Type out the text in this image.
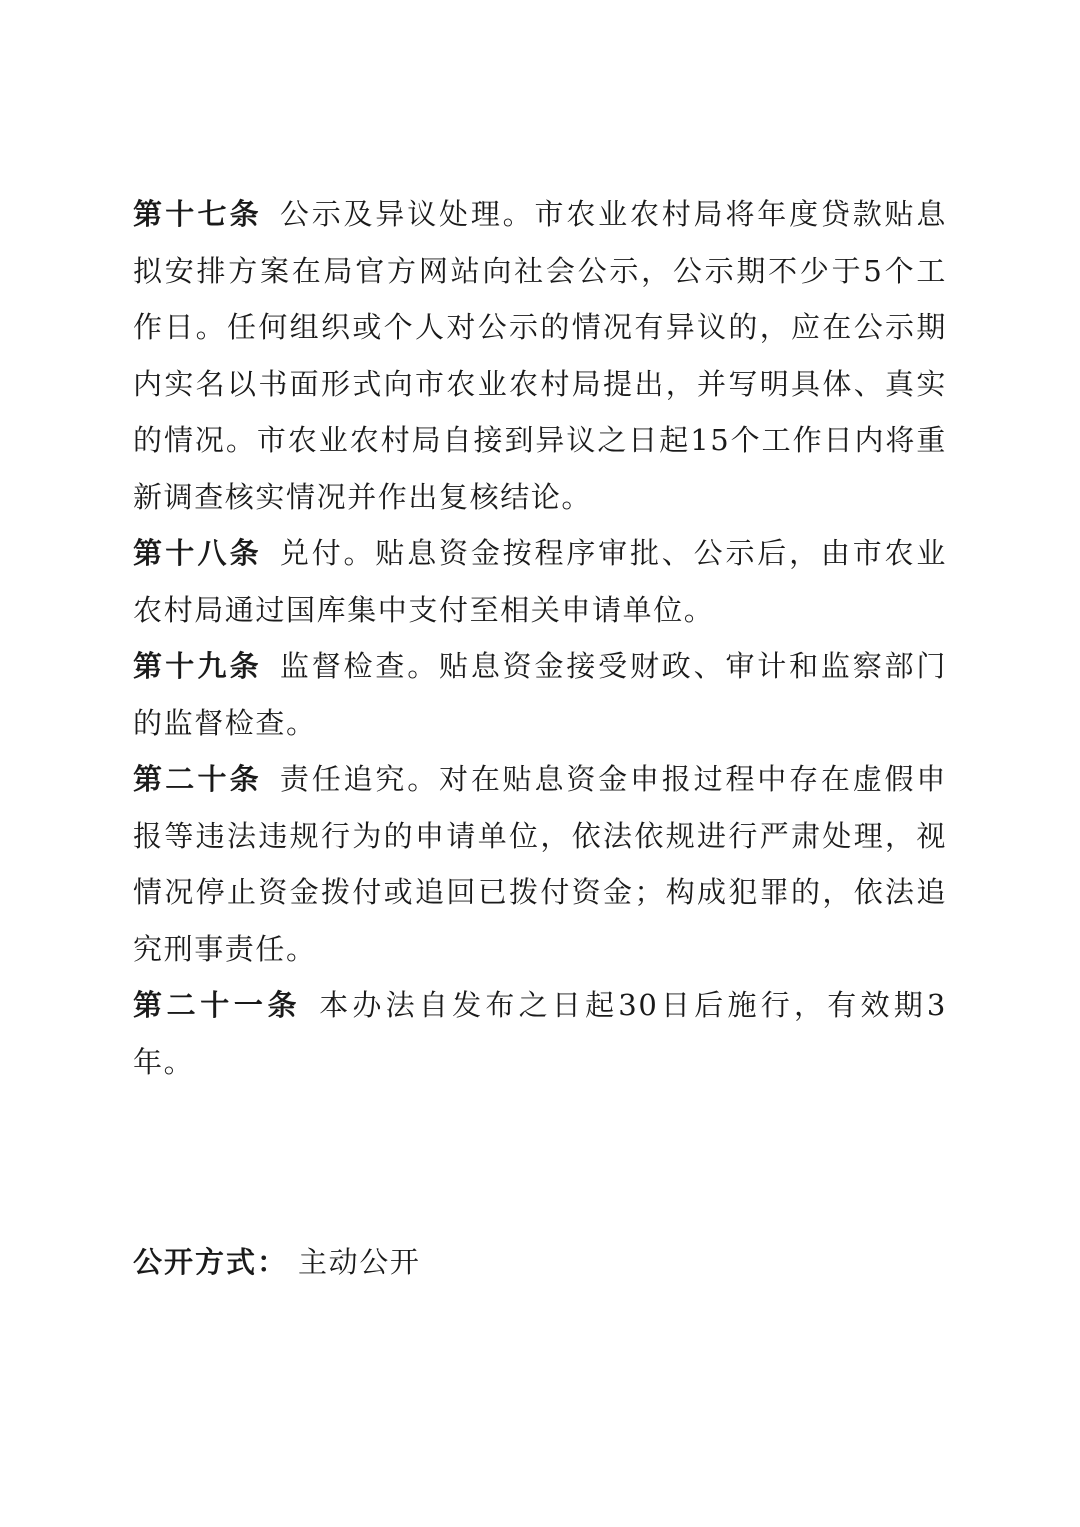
第十七条 公示及异议处理。市农业农村局将年度贷款贴息拟安排方案在局官方网站向社会公示，公示期不少于5个工作日。任何组织或个人对公示的情况有异议的，应在公示期内实名以书面形式向市农业农村局提出，并写明具体、真实的情况。市农业农村局自接到异议之日起15个工作日内将重新调查核实情况并作出复核结论。

第十八条 兑付。贴息资金按程序审批、公示后，由市农业农村局通过国库集中支付至相关申请单位。

第十九条 监督检查。贴息资金接受财政、审计和监察部门的监督检查。

第二十条 责任追究。对在贴息资金申报过程中存在虚假申报等违法违规行为的申请单位，依法依规进行严肃处理，视情况停止资金拨付或追回已拨付资金；构成犯罪的，依法追究刑事责任。

第二十一条 本办法自发布之日起30日后施行，有效期3年。

公开方式： 主动公开
